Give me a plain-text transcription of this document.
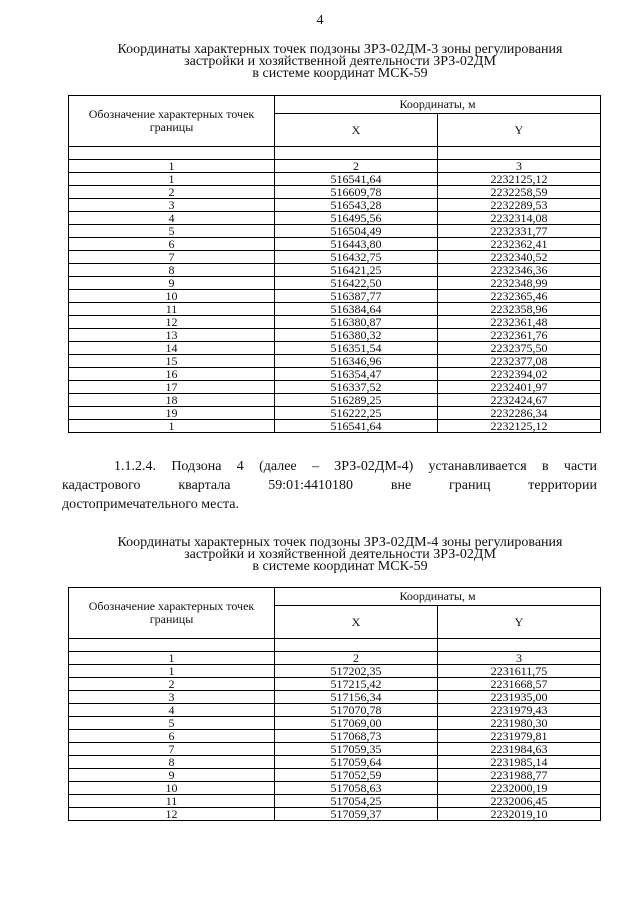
4
Координаты характерных точек подзоны ЗРЗ-02ДМ-3 зоны регулирования
застройки и хозяйственной деятельности ЗРЗ-02ДМ
в системе координат МСК-59
Обозначение характерных точек границы	Координаты, м	
	X	Y

1	2	3
1	516541,64	2232125,12
2	516609,78	2232258,59
3	516543,28	2232289,53
4	516495,56	2232314,08
5	516504,49	2232331,77
6	516443,80	2232362,41
7	516432,75	2232340,52
8	516421,25	2232346,36
9	516422,50	2232348,99
10	516387,77	2232365,46
11	516384,64	2232358,96
12	516380,87	2232361,48
13	516380,32	2232361,76
14	516351,54	2232375,50
15	516346,96	2232377,08
16	516354,47	2232394,02
17	516337,52	2232401,97
18	516289,25	2232424,67
19	516222,25	2232286,34
1	516541,64	2232125,12
1.1.2.4. Подзона 4 (далее – ЗРЗ-02ДМ-4) устанавливается в части
кадастрового квартала 59:01:4410180 вне границ территории
достопримечательного места.
Координаты характерных точек подзоны ЗРЗ-02ДМ-4 зоны регулирования
застройки и хозяйственной деятельности ЗРЗ-02ДМ
в системе координат МСК-59
Обозначение характерных точек границы	Координаты, м	
	X	Y

1	2	3
1	517202,35	2231611,75
2	517215,42	2231668,57
3	517156,34	2231935,00
4	517070,78	2231979,43
5	517069,00	2231980,30
6	517068,73	2231979,81
7	517059,35	2231984,63
8	517059,64	2231985,14
9	517052,59	2231988,77
10	517058,63	2232000,19
11	517054,25	2232006,45
12	517059,37	2232019,10
